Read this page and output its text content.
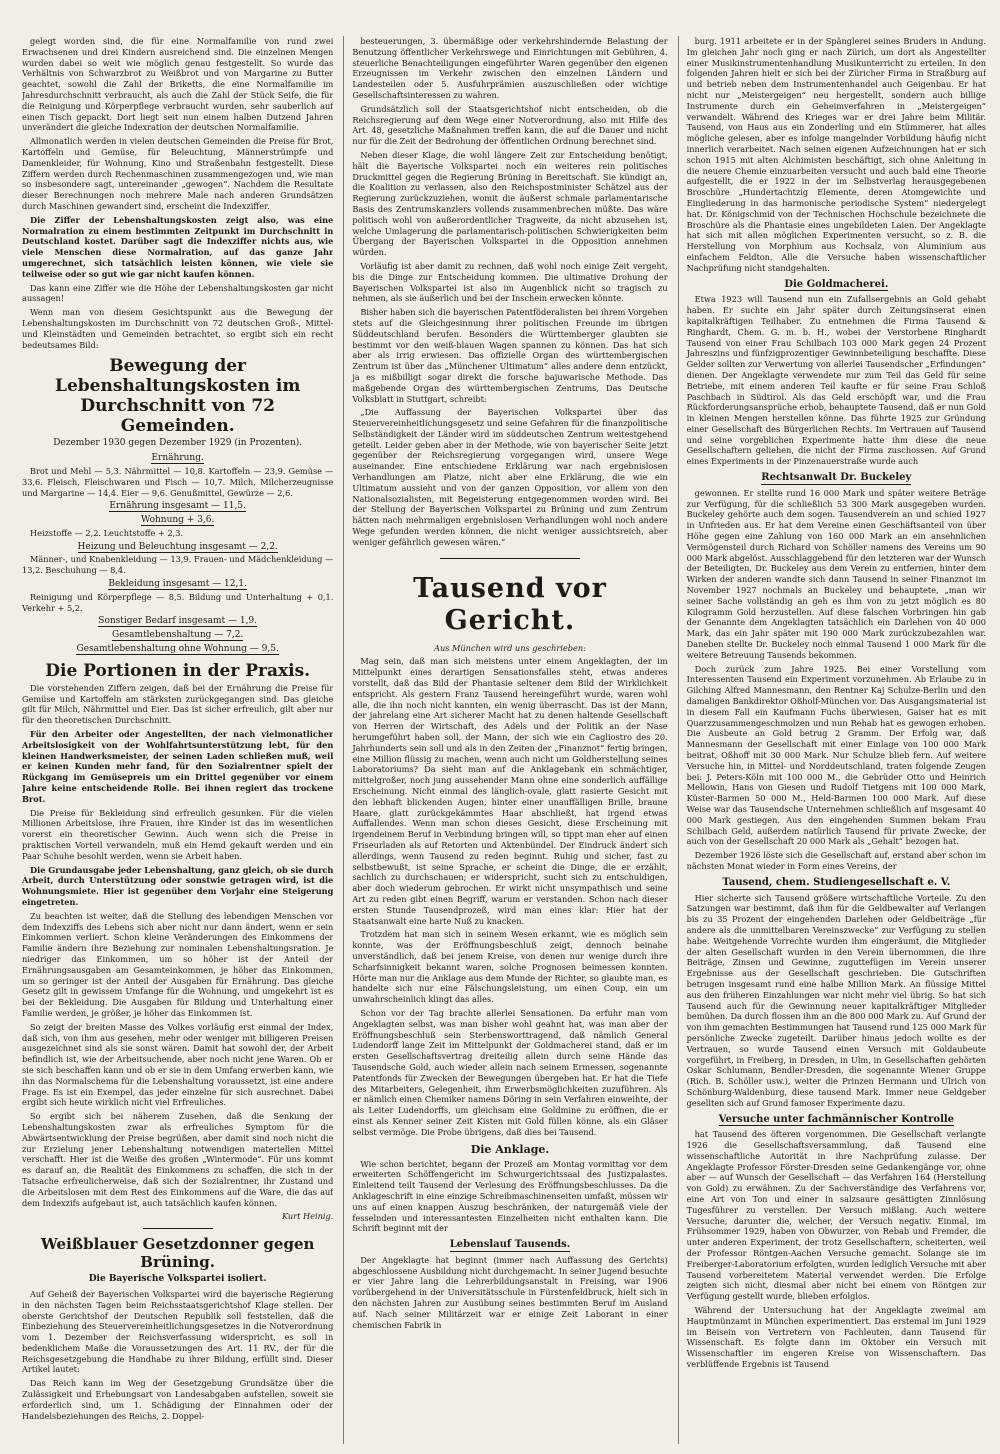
gelegt worden sind, die für eine Normalfamilie von rund zwei Erwachsenen und drei Kindern ausreichend sind. Die einzelnen Mengen wurden dabei so weit wie möglich genau festgestellt. So wurde das Verhältnis von Schwarzbrot zu Weißbrot und von Margarine zu Butter geachtet, sowohl die Zahl der Briketts, die eine Normalfamilie im Jahresdurchschnitt verbraucht, als auch die Zahl der Stück Seife, die für die Reinigung und Körperpflege verbraucht wurden, sehr sauberlich auf einen Tisch gepackt. Dort liegt seit nun einem halben Dutzend Jahren unverändert die gleiche Indexration der deutschen Normalfamilie.

Allmonatlich werden in vielen deutschen Gemeinden die Preise für Brot, Kartoffeln und Gemüse, für Beleuchtung, Männerstrümpfe und Damenkleider, für Wohnung, Kino und Straßenbahn festgestellt. Diese Ziffern werden durch Rechenmaschinen zusammengezogen und, wie man so insbesondere sagt, untereinander „gewogen“. Nachdem die Resultate dieser Berechnungen noch mehrere Male nach anderen Grundsätzen durch Maschinen gewandert sind, erscheint die Indexziffer.

Die Ziffer der Lebenshaltungskosten zeigt also, was eine Normalration zu einem bestimmten Zeitpunkt im Durchschnitt in Deutschland kostet. Darüber sagt die Indexziffer nichts aus, wie viele Menschen diese Normalration, auf das ganze Jahr umgerechnet, sich tatsächlich leisten können, wie viele sie teilweise oder so gut wie gar nicht kaufen können.

Das kann eine Ziffer wie die Höhe der Lebenshaltungskosten gar nicht aussagen!

Wenn man von diesem Gesichtspunkt aus die Bewegung der Lebenshaltungskosten im Durchschnitt von 72 deutschen Groß-, Mittel- und Kleinstädten und Gemeinden betrachtet, so ergibt sich ein recht bedeutsames Bild:

Bewegung der Lebenshaltungskosten im Durchschnitt von 72 Gemeinden.
Dezember 1930 gegen Dezember 1929 (in Prozenten).
Ernährung.

Brot und Mehl — 5,3. Nährmittel — 10,8. Kartoffeln — 23,9. Gemüse — 33,6. Fleisch, Fleischwaren und Fisch — 10,7. Milch, Milcherzeugnisse und Margarine — 14,4. Eier — 9,6. Genußmittel, Gewürze — 2,6.

Ernährung insgesamt — 11,5.
Wohnung + 3,6.

Heizstoffe — 2,2. Leuchtstoffe + 2,3.

Heizung und Beleuchtung insgesamt — 2,2.

Männer-, und Knabenkleidung — 13,9. Frauen- und Mädchenkleidung — 13,2. Beschuhung — 8,4.

Bekleidung insgesamt — 12,1.

Reinigung und Körperpflege — 8,5. Bildung und Unterhaltung + 0,1. Verkehr + 5,2.

Sonstiger Bedarf insgesamt — 1,9.
Gesamtlebenshaltung — 7,2.
Gesamtlebenshaltung ohne Wohnung — 9,5.
Die Portionen in der Praxis.

Die vorstehenden Ziffern zeigen, daß bei der Ernährung die Preise für Gemüse und Kartoffeln am stärksten zurückgegangen sind. Das gleiche gilt für Milch, Nährmittel und Eier. Das ist sicher erfreulich, gilt aber nur für den theoretischen Durchschnitt.

Für den Arbeiter oder Angestellten, der nach vielmonatlicher Arbeitslosigkeit von der Wohlfahrtsunterstützung lebt, für den kleinen Handwerksmeister, der seinen Laden schließen muß, weil er keinen Kunden mehr fand, für den Sozialrentner spielt der Rückgang im Gemüsepreis um ein Drittel gegenüber vor einem Jahre keine entscheidende Rolle. Bei ihnen regiert das trockene Brot.

Die Preise für Bekleidung sind erfreulich gesunken. Für die vielen Millionen Arbeitslose, ihre Frauen, ihre Kinder ist das im wesentlichen vorerst ein theoretischer Gewinn. Auch wenn sich die Preise in praktischen Vorteil verwandeln, muß ein Hemd gekauft werden und ein Paar Schuhe besohlt werden, wenn sie Arbeit haben.

Die Grundausgabe jeder Lebenshaltung, ganz gleich, ob sie durch Arbeit, durch Unterstützung oder sonstwie getragen wird, ist die Wohnungsmiete. Hier ist gegenüber dem Vorjahr eine Steigerung eingetreten.

Zu beachten ist weiter, daß die Stellung des lebendigen Menschen vor dem Indexziffs des Lebens sich aber nicht nur dann ändert, wenn er sein Einkommen verliert. Schon kleine Veränderungen des Einkommens der Familie ändern ihre Beziehung zur nominalen Lebenshaltungsration. Je niedriger das Einkommen, um so höher ist der Anteil der Ernährungsausgaben am Gesamteinkommen, je höher das Einkommen, um so geringer ist der Anteil der Ausgaben für Ernährung. Das gleiche Gesetz gilt in gewissem Umfange für die Wohnung, und umgekehrt ist es bei der Bekleidung. Die Ausgaben für Bildung und Unterhaltung einer Familie werden, je größer, je höher das Einkommen ist.

So zeigt der breiten Masse des Volkes vorläufig erst einmal der Index, daß sich, von ihm aus gesehen, mehr oder weniger mit billigeren Preisen ausgezeichnet sind als sie sonst wären. Damit hat sowohl der, der Arbeit befindlich ist, wie der Arbeitsuchende, aber noch nicht jene Waren. Ob er sie sich beschaffen kann und ob er sie in dem Umfang erwerben kann, wie ihn das Normalschema für die Lebenshaltung voraussetzt, ist eine andere Frage. Es ist ein Exempel, das jeder einzelne für sich ausrechnet. Dabei ergibt sich heute wirklich nicht viel Erfreuliches.

So ergibt sich bei näherem Zusehen, daß die Senkung der Lebenshaltungskosten zwar als erfreuliches Symptom für die Abwärtsentwicklung der Preise begrüßen, aber damit sind noch nicht die zur Erzielung jener Lebenshaltung notwendigen materiellen Mittel verschafft. Hier ist die Weiße des großen „Wintermode“. Für uns kommt es darauf an, die Realität des Einkommens zu schaffen, die sich in der Tatsache erfreulicherweise, daß sich der Sozialrentner, ihr Zustand und die Arbeitslosen mit dem Rest des Einkommens auf die Ware, die das auf dem Indexzifs aufgebaut ist, auch tatsächlich kaufen können.

Kurt Heinig.

Weißblauer Gesetzdonner gegen Brüning.
Die Bayerische Volkspartei isoliert.

Auf Geheiß der Bayerischen Volkspartei wird die bayerische Regierung in den nächsten Tagen beim Reichsstaatsgerichtshof Klage stellen. Der oberste Gerichtshof der Deutschen Republik soll feststellen, daß die Einbeziehung des Steuervereinheitlichungsgesetzes in die Notverordnung vom 1. Dezember der Reichsverfassung widerspricht, es soll in bedenklichem Maße die Voraussetzungen des Art. 11 RV., der für die Reichsgesetzgebung die Handhabe zu ihrer Bildung, erfüllt sind. Dieser Artikel lautet:

Das Reich kann im Weg der Gesetzgebung Grundsätze über die Zulässigkeit und Erhebungsart von Landesabgaben aufstellen, soweit sie erforderlich sind, um 1. Schädigung der Einnahmen oder der Handelsbeziehungen des Reichs, 2. Doppel-

besteuerungen, 3. übermäßige oder verkehrshindernde Belastung der Benutzung öffentlicher Verkehrswege und Einrichtungen mit Gebühren, 4. steuerliche Benachteiligungen eingeführter Waren gegenüber den eigenen Erzeugnissen im Verkehr zwischen den einzelnen Ländern und Landesteilen oder 5. Ausfuhrprämien auszuschließen oder wichtige Gesellschaftsinteressen zu wahren.

Grundsätzlich soll der Staatsgerichtshof nicht entscheiden, ob die Reichsregierung auf dem Wege einer Notverordnung, also mit Hilfe des Art. 48, gesetzliche Maßnahmen treffen kann, die auf die Dauer und nicht nur für die Zeit der Bedrohung der öffentlichen Ordnung berechnet sind.

Neben dieser Klage, die wohl längere Zeit zur Entscheidung benötigt, hält die Bayerische Volkspartei noch ein weiteres rein politisches Druckmittel gegen die Regierung Brüning in Bereitschaft. Sie kündigt an, die Koalition zu verlassen, also den Reichspostminister Schätzel aus der Regierung zurückzuziehen, womit die äußerst schmale parlamentarische Basis des Zentrumskanzlers vollends zusammenbrechen müßte. Das wäre politisch wohl von außerordentlicher Tragweite, da nicht abzusehen ist, welche Umlagerung die parlamentarisch-politischen Schwierigkeiten beim Übergang der Bayerischen Volkspartei in die Opposition annehmen würden.

Vorläufig ist aber damit zu rechnen, daß wohl noch einige Zeit vergeht, bis die Dinge zur Entscheidung kommen. Die ultimative Drohung der Bayerischen Volkspartei ist also im Augenblick nicht so tragisch zu nehmen, als sie äußerlich und bei der Inschein erwecken könnte.

Bisher haben sich die bayerischen Patentföderalisten bei ihrem Vorgehen stets auf die Gleichgesinnung ihrer politischen Freunde im übrigen Süddeutschland berufen. Besonders die Württemberger glaubten sie bestimmt vor den weiß-blauen Wagen spannen zu können. Das hat sich aber als irrig erwiesen. Das offizielle Organ des württembergischen Zentrum ist über das „Münchener Ultimatum“ alles andere denn entzückt, ja es mißbilligt sogar direkt die forsche bajuwarische Methode. Das maßgebende Organ des württembergischen Zentrums, Das Deutsche Volksblatt in Stuttgart, schreibt:

„Die Auffassung der Bayerischen Volkspartei über das Steuervereinheitlichungsgesetz und seine Gefahren für die finanzpolitische Selbständigkeit der Länder wird im süddeutschen Zentrum weitestgehend geteilt. Leider geben aber in der Methode, wie von bayerischer Seite jetzt gegenüber der Reichsregierung vorgegangen wird, unsere Wege auseinander. Eine entschiedene Erklärung war nach ergebnislosen Verhandlungen am Platze, nicht aber eine Erklärung, die wie ein Ultimatum aussieht und von der ganzen Opposition, vor allem von den Nationalsozialisten, mit Begeisterung entgegenommen worden wird. Bei der Stellung der Bayerischen Volkspartei zu Brüning und zum Zentrum hätten nach mehrmaligen ergebnislosen Verhandlungen wohl noch andere Wege gefunden werden können, die nicht weniger aussichtsreich, aber weniger gefährlich gewesen wären.“

Tausend vor Gericht.

Aus München wird uns geschrieben:

Mag sein, daß man sich meistens unter einem Angeklagten, der im Mittelpunkt eines derartigen Sensationsfalles steht, etwas anderes vorstellt, daß das Bild der Phantasie seltener dem Bild der Wirklichkeit entspricht. Als gestern Franz Tausend hereingeführt wurde, waren wohl alle, die ihn noch nicht kannten, ein wenig überrascht. Das ist der Mann, der jahrelang eine Art sicherer Macht hat zu denen haltende Gesellschaft von Herren der Wirtschaft, des Adels und der Politik an der Nase herumgeführt haben soll, der Mann, der sich wie ein Cagliostro des 20. Jahrhunderts sein soll und als in den Zeiten der „Finanznot“ fertig bringen, eine Million flüssig zu machen, wenn auch nicht um Goldherstellung seines Laboratoriums? Da sieht man auf die Anklagebank ein schmächtiger, mittelgroßer, noch jung aussehender Mann ohne eine sonderlich auffällige Erscheinung. Nicht einmal des länglich-ovale, glatt rasierte Gesicht mit den lebhaft blickenden Augen, hinter einer unauffälligen Brille, braune Haare, glatt zurückgekämmtes Haar abschließt, hat irgend etwas Auffallendes. Wenn man schon dieses Gesicht, diese Erscheinung mit irgendeinem Beruf in Verbindung bringen will, so tippt man eher auf einen Friseurladen als auf Retorten und Aktenbündel. Der Eindruck ändert sich allerdings, wenn Tausend zu reden beginnt. Ruhig und sicher, fast zu selbstbewußt, ist seine Sprache, er scheint die Dinge, die er erzählt, sachlich zu durchschauen; er widerspricht, sucht sich zu entschuldigen, aber doch wiederum gebrochen. Er wirkt nicht unsympathisch und seine Art zu reden gibt einen Begriff, warum er verstanden. Schon nach dieser ersten Stunde Tausendprozeß, wird man eines klar: Hier hat der Staatsanwalt eine harte Nuß zu knacken.

Trotzdem hat man sich in seinem Wesen erkannt, wie es möglich sein konnte, was der Eröffnungsbeschluß zeigt, dennoch beinahe unverständlich, daß bei jenem Kreise, von denen nur wenige durch ihre Scharfsinnigkeit bekannt waren, solche Prognosen beimessen konnten. Hörte man nur die Anklage aus dem Munde der Richter, so glaubte man, es handelte sich nur eine Fälschungsleistung, um einen Coup, ein um unwahrscheinlich klingt das alles.

Schon vor der Tag brachte allerlei Sensationen. Da erfuhr man vom Angeklagten selbst, was man bisher wohl geahnt hat, was man aber der Eröffnungsbeschluß sein Sterbensworttragend, daß nämlich General Ludendorff lange Zeit im Mittelpunkt der Goldmacherei stand, daß er im ersten Gesellschaftsvertrag dreiteilig allein durch seine Hände das Tausendsche Gold, auch wieder allein nach seinem Ermessen, sogenannte Patentfonds für Zwecken der Bewegungen übergeben hat. Er hat die Tiefe des Mitarbeiters, Gelegenheit, ihm Erwerbsmöglichkeiten zuzuführen. Als er nämlich einen Chemiker namens Döring in sein Verfahren einweihte, der als Leiter Ludendorffs, um gleichsam eine Goldmine zu eröffnen, die er einst als Kenner seiner Zeit Kisten mit Gold füllen könne, als ein Gläser selbst vermöge. Die Probe übrigens, daß dies bei Tausend.

Die Anklage.

Wie schon berichtet, begann der Prozeß am Montag vormittag vor dem erweiterten Schöffengericht im Schwurgerichtssaal des Justizpalastes. Einleitend teilt Tausend der Verlesung des Eröffnungsbeschlusses. Da die Anklageschrift in eine einzige Schreibmaschinenseiten umfaßt, müssen wir uns auf einen knappen Auszug beschränken, der naturgemäß viele der fesselnden und interessantesten Einzelheiten nicht enthalten kann. Die Schrift beginnt mit der

Lebenslauf Tausends.

Der Angeklagte hat beginnt (immer nach Auffassung des Gerichts) abgeschlossene Ausbildung nicht durchgemacht. In seiner Jugend besuchte er vier Jahre lang die Lehrerbildungsanstalt in Freising, war 1906 vorübergehend in der Universitätsschule in Fürstenfeldbruck, hielt sich in den nächsten Jahren zur Ausübung seines bestimmten Beruf im Ausland auf. Nach seiner Militärzeit war er einige Zeit Laborant in einer chemischen Fabrik in

burg. 1911 arbeitete er in der Spänglerei seines Bruders in Andung. Im gleichen Jahr noch ging er nach Zürich, um dort als Angestellter einer Musikinstrumentenhandlung Musikunterricht zu erteilen. In den folgenden Jahren hielt er sich bei der Züricher Firma in Straßburg auf und betrieb neben dem Instrumentenhandel auch Geigenbau. Er hat nicht nur „Meistergeigen“ neu hergestellt, sondern auch billige Instrumente durch ein Geheimverfahren in „Meistergeigen“ verwandelt. Während des Krieges war er drei Jahre beim Militär. Tausend, von Haus aus ein Zonderling und ein Stümmerer, hat alles mögliche gelesen, aber es infolge mangelnder Vorbildung häufig nicht innerlich verarbeitet. Nach seinen eigenen Aufzeichnungen hat er sich schon 1915 mit alten Alchimisten beschäftigt, sich ohne Anleitung in die neuere Chemie einzuarbeiten versucht und auch bald eine Theorie aufgestellt, die er 1922 in der im Selbstverlag herausgegebenen Broschüre „Hundertachtzig Elemente, deren Atomgewichte und Eingliederung in das harmonische periodische System“ niedergelegt hat. Dr. Königschmid von der Technischen Hochschule bezeichnete die Broschüre als die Phantasie eines ungebildeten Laien. Der Angeklagte hat sich mit allen möglichen Experimenten versucht, so z. B. die Herstellung von Morphium aus Kochsalz, von Aluminium aus einfachem Feldton. Alle die Versuche haben wissenschaftlicher Nachprüfung nicht standgehalten.

Die Goldmacherei.

Etwa 1923 will Tausend nun ein Zufallsergebnis an Gold gehabt haben. Er suchte ein Jahr später durch Zeitungsinserat einen kapitalkräftigen Teilhaber. Zu entnehmen die Firma Tausend & Ringhardt, Chem. G. m. b. H., wobei der Verstorbene Ringhardt Tausend von einer Frau Schilbach 103 000 Mark gegen 24 Prozent Jahreszins und fünfzigprozentiger Gewinnbeteiligung beschaffte. Diese Gelder sollten zur Verwertung von allerlei Tausendscher „Erfindungen“ dienen. Der Angeklagte verwendete nur zum Teil das Geld für seine Betriebe, mit einem anderen Teil kaufte er für seine Frau Schloß Paschbach in Südtirol. Als das Geld erschöpft war, und die Frau Rückforderungsansprüche erhob, behauptete Tausend, daß er nun Gold in kleinen Mengen herstellen könne. Das führte 1925 zur Gründung einer Gesellschaft des Bürgerlichen Rechts. Im Vertrauen auf Tausend und seine vorgeblichen Experimente hatte ihm diese die neue Gesellschaftern geliehen, die nicht der Firma zuschossen. Auf Grund eines Experiments in der Pinzenauerstraße wurde auch

Rechtsanwalt Dr. Buckeley

gewonnen. Er stellte rund 16 000 Mark und später weitere Beträge zur Verfügung, für die schließlich 53 300 Mark ausgegeben wurden. Buckeley gehörte auch dem sogen. Tausendverein an und schied 1927 in Unfrieden aus. Er hat dem Vereine einen Geschäftsanteil von über Höhe gegen eine Zahlung von 160 000 Mark an ein ansehnlichen Vermögensteil durch Richard von Schöller namens des Vereins um 90 000 Mark abgelöst. Ausschlaggebend für den letzteren war der Wunsch der Beteiligten, Dr. Buckeley aus dem Verein zu entfernen, hinter dem Wirken der anderen wandte sich dann Tausend in seiner Finanznot im November 1927 nochmals an Buckeley und behauptete, „man wir seiner Sache vollständig an geh es ihm von zu jetzt möglich es 80 Kilogramm Gold herzustellen. Auf diese falschen Vorbringen hin gab der Genannte dem Angeklagten tatsächlich ein Darlehen von 40 000 Mark, das ein Jahr später mit 190 000 Mark zurückzubezahlen war. Daneben stellte Dr. Buckeley noch einmal Tausend 1 000 Mark für die weitere Betreuung Tausends bekommen.

Doch zurück zum Jahre 1925. Bei einer Vorstellung vom Interessenten Tausend ein Experiment vorzunehmen. Ab Erlaube zu in Gilching Alfred Mannesmann, den Rentner Kaj Schulze-Berlin und den damaligen Bankdirektor Oßholf-München vor. Das Ausgangsmaterial ist in diesem Fall ein Kaufmann Fuchs überwiesen, Gaiser hat es mit Quarzzusammengeschmolzen und nun Rehab hat es gewogen erhoben. Die Ausbeute an Gold betrug 2 Gramm. Der Erfolg war, daß Mannesmann der Gesellschaft mit einer Einlage von 100 000 Mark beitrat, Oßhoff mit 30 000 Mark. Nur Schulze blieb fern. Auf weitere Versuche hin, in Mittel- und Norddeutschland, traten folgende Zeugen bei: J. Peters-Köln mit 100 000 M., die Gebrüder Otto und Heinrich Mellowin, Hans von Giesen und Rudolf Tietgens mit 100 000 Mark, Küster-Barmen 50 000 M., Held-Barmen 100 000 Mark. Auf diese Weise war das Tausendsche Unternehmen schließlich auf insgesamt 40 000 Mark gestiegen. Aus den eingehenden Summen bekam Frau Schilbach Geld, außerdem natürlich Tausend für private Zwecke, der auch von der Gesellschaft 20 000 Mark als „Gehalt“ bezogen hat.

Dezember 1926 löste sich die Gesellschaft auf, erstand aber schon im nächsten Monat wieder in Form eines Vereins, der

Tausend, chem. Studiengesellschaft e. V.

Hier sicherte sich Tausend größere wirtschaftliche Vorteile. Zu den Satzungen war bestimmt, daß ihm für die Geldbewalter auf Verlangen bis zu 35 Prozent der eingehenden Darlehen oder Geldbeiträge „für andere als die unmittelbaren Vereinszwecke“ zur Verfügung zu stellen habe. Weitgehende Vorrechte wurden ihm eingeräumt, die Mitglieder der alten Gesellschaft wurden in den Verein übernommen, die ihre Beiträge, Zinsen und Gewinne, zuguttefügen im Verein unserer Ergebnisse aus der Gesellschaft geschrieben. Die Gutschriften betrugen insgesamt rund eine halbe Million Mark. An flüssige Mittel aus den früheren Einzahlungen war nicht mehr viel übrig. So hat sich Tausend auch für die Gewinnung neuer kapitalkräftiger Mitglieder bemühen. Da durch flossen ihm an die 800 000 Mark zu. Auf Grund der von ihm gemachten Bestimmungen hat Tausend rund 125 000 Mark für persönliche Zwecke zugeteilt. Darüber hinaus jedoch wollte es der Vertrauen, so wurde Tausend einen Versuch mit Goldaubeute vorgeführt, in Freiberg, in Dresden, in Ulm, in Gesellschaften gehörten Oskar Schlumann, Bendler-Dresden, die sogenannte Wiener Gruppe (Rich. B. Schöller usw.), weiter die Prinzen Hermann und Ulrich von Schönburg-Waldenburg, diese tausend Mark. Immer neue Geldgeber gesellten sich auf Grund famoser Experimente dazu.

Versuche unter fachmännischer Kontrolle

hat Tausend des öfteren vorgenommen. Die Gesellschaft verlangte 1926 die Gesellschaftsversammlung, daß Tausend eine wissenschaftliche Autorität in ihre Nachprüfung zulasse. Der Angeklagte Professor Förster-Dresden seine Gedankengänge vor, ohne aber — auf Wunsch der Gesellschaft — das Verfahren 164 (Herstellung von Gold) zu erwähnen. Zu der Sachverständige des Verfahrens vor, eine Art von Ton und einer in salzsaure gesättigten Zinnlösung Tugesführer zu verstellen. Der Versuch mißlang. Auch weitere Versuche, darunter die, welcher, der Versuch negativ. Einmal, im Frühsommer 1929, haben von Obwurzer, von Rebab und Fremder, die unter anderen Experiment, der trotz Gesellschaftern, scheiterten, weil der Professor Röntgen-Aachen Versuche gemacht. Solange sie im Freiberger-Laboratorium erfolgten, wurden lediglich Versuche mit aber Tausend vorbereitetem Material verwendet werden. Die Erfolge zeigten sich nicht, diesmal aber nicht bei einem von Röntgen zur Verfügung gestellt wurde, blieben erfolglos.

Während der Untersuchung hat der Angeklagte zweimal am Hauptmünzamt in München experimentiert. Das erstemal im Juni 1929 im Beisein von Vertretern von Fachleuten, dann Tausend für Wissenschaft. Es folgte dann im Oktober ein Versuch mit Wissenschaftler im engeren Kreise von Wissenschaftern. Das verblüffende Ergebnis ist Tausend
